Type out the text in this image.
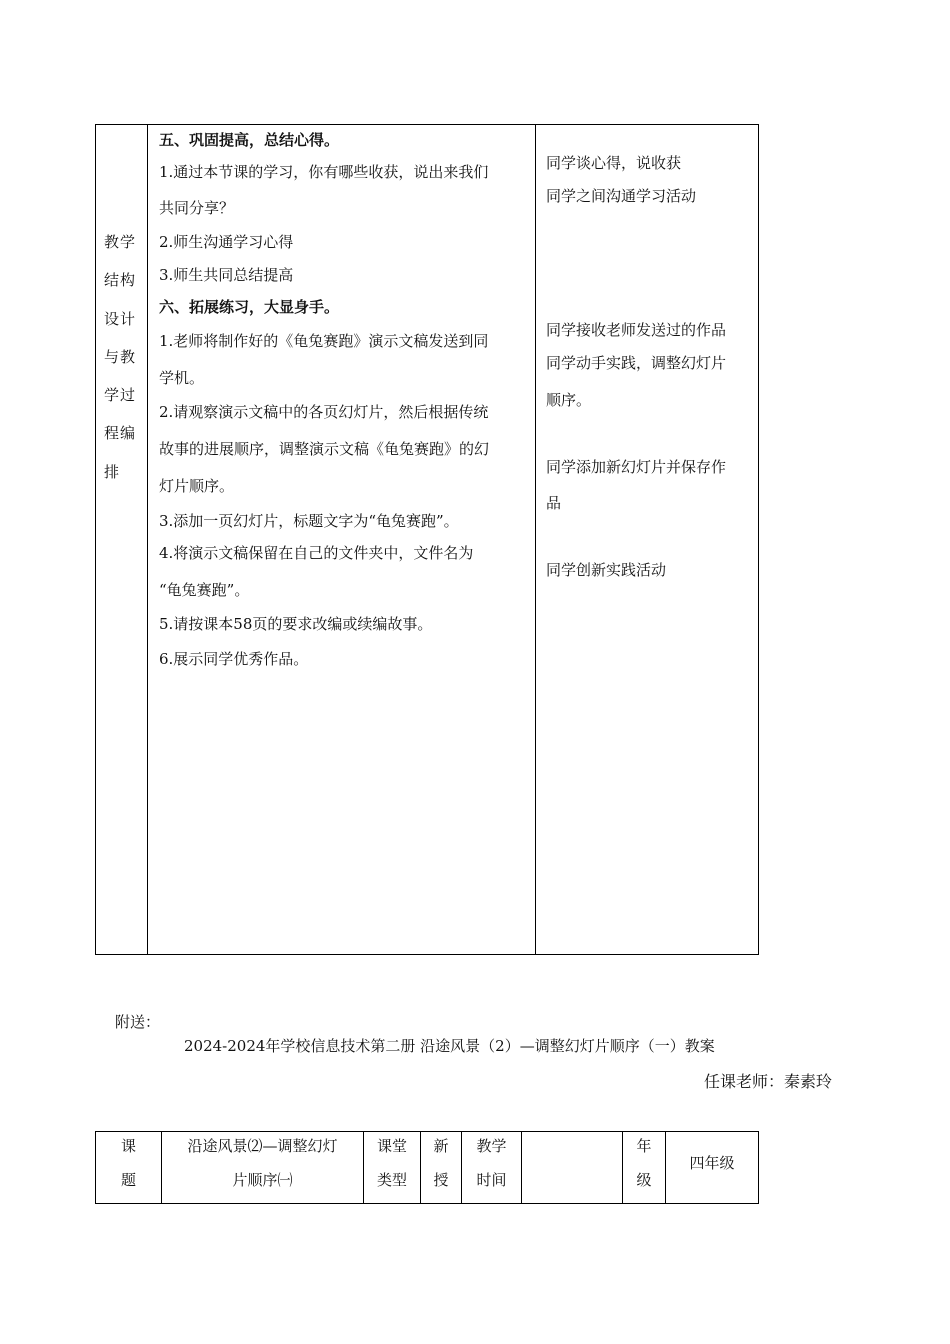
教学
结构
设计
与教
学过
程编
排
五、巩固提高，总结心得。
1.通过本节课的学习，你有哪些收获，说出来我们
共同分享？
2.师生沟通学习心得
3.师生共同总结提高
六、拓展练习，大显身手。
1.老师将制作好的《龟兔赛跑》演示文稿发送到同
学机。
2.请观察演示文稿中的各页幻灯片，然后根据传统
故事的进展顺序，调整演示文稿《龟兔赛跑》的幻
灯片顺序。
3.添加一页幻灯片，标题文字为“龟兔赛跑”。
4.将演示文稿保留在自己的文件夹中，文件名为
“龟兔赛跑”。
5.请按课本58页的要求改编或续编故事。
6.展示同学优秀作品。
同学谈心得，说收获
同学之间沟通学习活动
同学接收老师发送过的作品
同学动手实践，调整幻灯片
顺序。
同学添加新幻灯片并保存作
品
同学创新实践活动
附送：
2024-2024年学校信息技术第二册 沿途风景（2）—调整幻灯片顺序（一）教案
任课老师：秦素玲
课
题
沿途风景⑵—调整幻灯
片顺序㈠
课堂
类型
新
授
教学
时间
年
级
四年级
